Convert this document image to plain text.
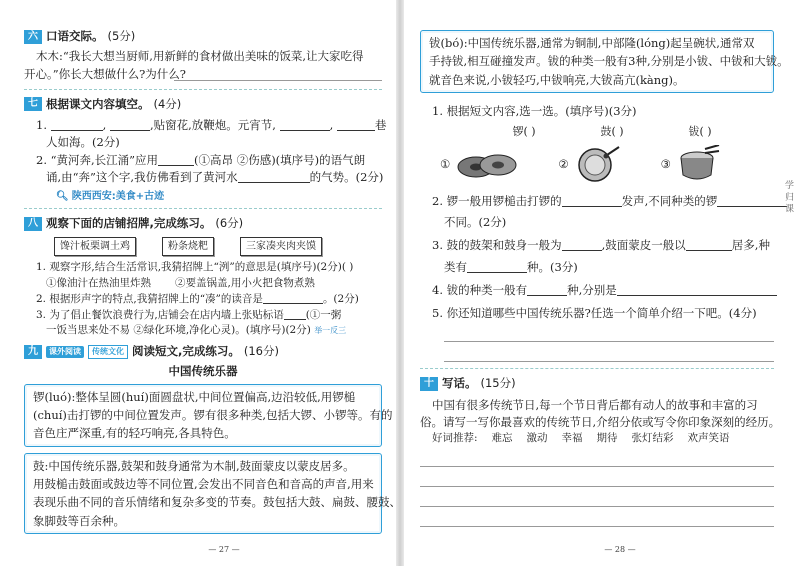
六 口语交际。 (5分)
木木:“我长大想当厨师,用新鲜的食材做出美味的饭菜,让大家吃得
开心。”你长大想做什么?为什么?
七 根据课文内容填空。 (4分)
1.	,	,贴窗花,放鞭炮。元宵节,	,	巷
人如海。(2分)
2. “黄河奔,长江涌”应用	(①高昂 ②伤感)(填序号)的语气朗
诵,由“奔”这个字,我仿佛看到了黄河水	的气势。(2分)
🔍︎ 陕西西安:美食+古迹
八 观察下面的店铺招牌,完成练习。 (6分)
馋汁板栗调土鸡	粉条烧粑	三家凑夹肉夹馍
1. 观察字形,结合生活常识,我猜招牌上“洌”的意思是(填序号)(2分)( )
①像油汁在热油里炸熟 ②要盖锅盖,用小火把食物煮熟
2. 根据形声字的特点,我猜招牌上的“凑”的读音是	。(2分)
3. 为了倡止餐饮浪费行为,店铺会在店内墙上张贴标语 (①一粥
一饭当思来处不易 ②绿化环境,净化心灵)。(填序号)(2分) 举一反三
九	课外阅读	传统文化 阅读短文,完成练习。 (16分)
中国传统乐器
锣(luó):整体呈圆(huí)面圆盘状,中间位置偏高,边沿较低,用锣槌
(chuí)击打锣的中间位置发声。锣有很多种类,包括大锣、小锣等。有的
音色庄严深重,有的轻巧响亮,各具特色。
鼓:中国传统乐器,鼓架和鼓身通常为木制,鼓面蒙皮以蒙皮居多。
用鼓槌击鼓面或鼓边等不同位置,会发出不同音色和音高的声音,用来
表现乐曲不同的音乐情绪和复杂多变的节奏。鼓包括大鼓、扁鼓、腰鼓、
象脚鼓等百余种。
— 27 —
钹(bó):中国传统乐器,通常为铜制,中部隆(lóng)起呈碗状,通常双
手持钹,相互碰撞发声。钹的种类一般有3种,分别是小钹、中钹和大钹。
就音色来说,小钹轻巧,中钹响亮,大钹高亢(kàng)。
1. 根据短文内容,选一选。(填序号)(3分)
锣( )	鼓( )	钹( )
①	②	③
2. 锣一般用锣槌击打锣的	发声,不同种类的锣
不同。(2分)
3. 鼓的鼓架和鼓身一般为	,鼓面蒙皮一般以	居多,种
类有	种。(3分)
4. 钹的种类一般有	种,分别是
5. 你还知道哪些中国传统乐器?任选一个简单介绍一下吧。(4分)
十 写话。 (15分)
中国有很多传统节日,每一个节日背后都有动人的故事和丰富的习
俗。请写一写你最喜欢的传统节日,介绍分依或写令你印象深刻的经历。
好词推荐: 难忘 激动 幸福 期待 张灯结彩 欢声笑语
学 归 课
— 28 —
